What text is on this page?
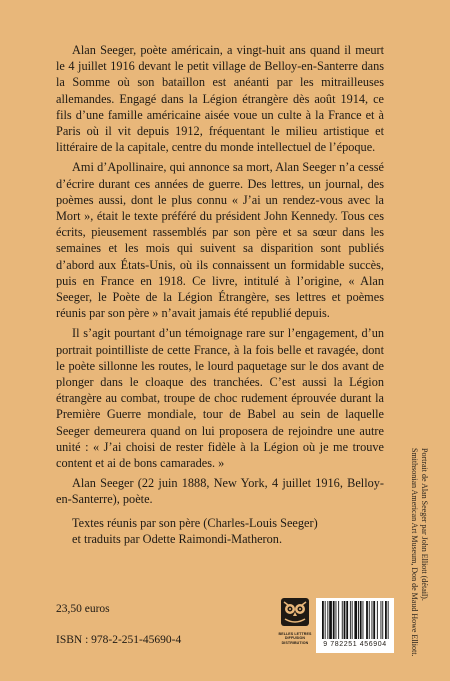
Alan Seeger, poète américain, a vingt-huit ans quand il meurt le 4 juillet 1916 devant le petit village de Belloy-en-Santerre dans la Somme où son bataillon est anéanti par les mitrailleuses allemandes. Engagé dans la Légion étrangère dès août 1914, ce fils d’une famille américaine aisée voue un culte à la France et à Paris où il vit depuis 1912, fréquentant le milieu artistique et littéraire de la capitale, centre du monde intellectuel de l’époque.

Ami d’Apollinaire, qui annonce sa mort, Alan Seeger n’a cessé d’écrire durant ces années de guerre. Des lettres, un journal, des poèmes aussi, dont le plus connu « J’ai un rendez-vous avec la Mort », était le texte préféré du président John Kennedy. Tous ces écrits, pieusement rassemblés par son père et sa sœur dans les semaines et les mois qui suivent sa disparition sont publiés d’abord aux États-Unis, où ils connaissent un formidable succès, puis en France en 1918. Ce livre, intitulé à l’origine, « Alan Seeger, le Poète de la Légion Étrangère, ses lettres et poèmes réunis par son père » n’avait jamais été republié depuis.

Il s’agit pourtant d’un témoignage rare sur l’engagement, d’un portrait pointilliste de cette France, à la fois belle et ravagée, dont le poète sillonne les routes, le lourd paquetage sur le dos avant de plonger dans le cloaque des tranchées. C’est aussi la Légion étrangère au combat, troupe de choc rudement éprouvée durant la Première Guerre mondiale, tour de Babel au sein de laquelle Seeger demeurera quand on lui proposera de rejoindre une autre unité : « J’ai choisi de rester fidèle à la Légion où je me trouve content et ai de bons camarades. »

Alan Seeger (22 juin 1888, New York, 4 juillet 1916, Belloy-en-Santerre), poète.

Textes réunis par son père (Charles-Louis Seeger)
et traduits par Odette Raimondi-Matheron.
23,50 euros
ISBN : 978-2-251-45690-4	BELLES LETTRES
DIFFUSION
DISTRIBUTION	9 782251 456904
Portrait de Alan Seeger par John Elliott (détail).
Smithsonian American Art Museum, Don de Maud Howe Elliott.
